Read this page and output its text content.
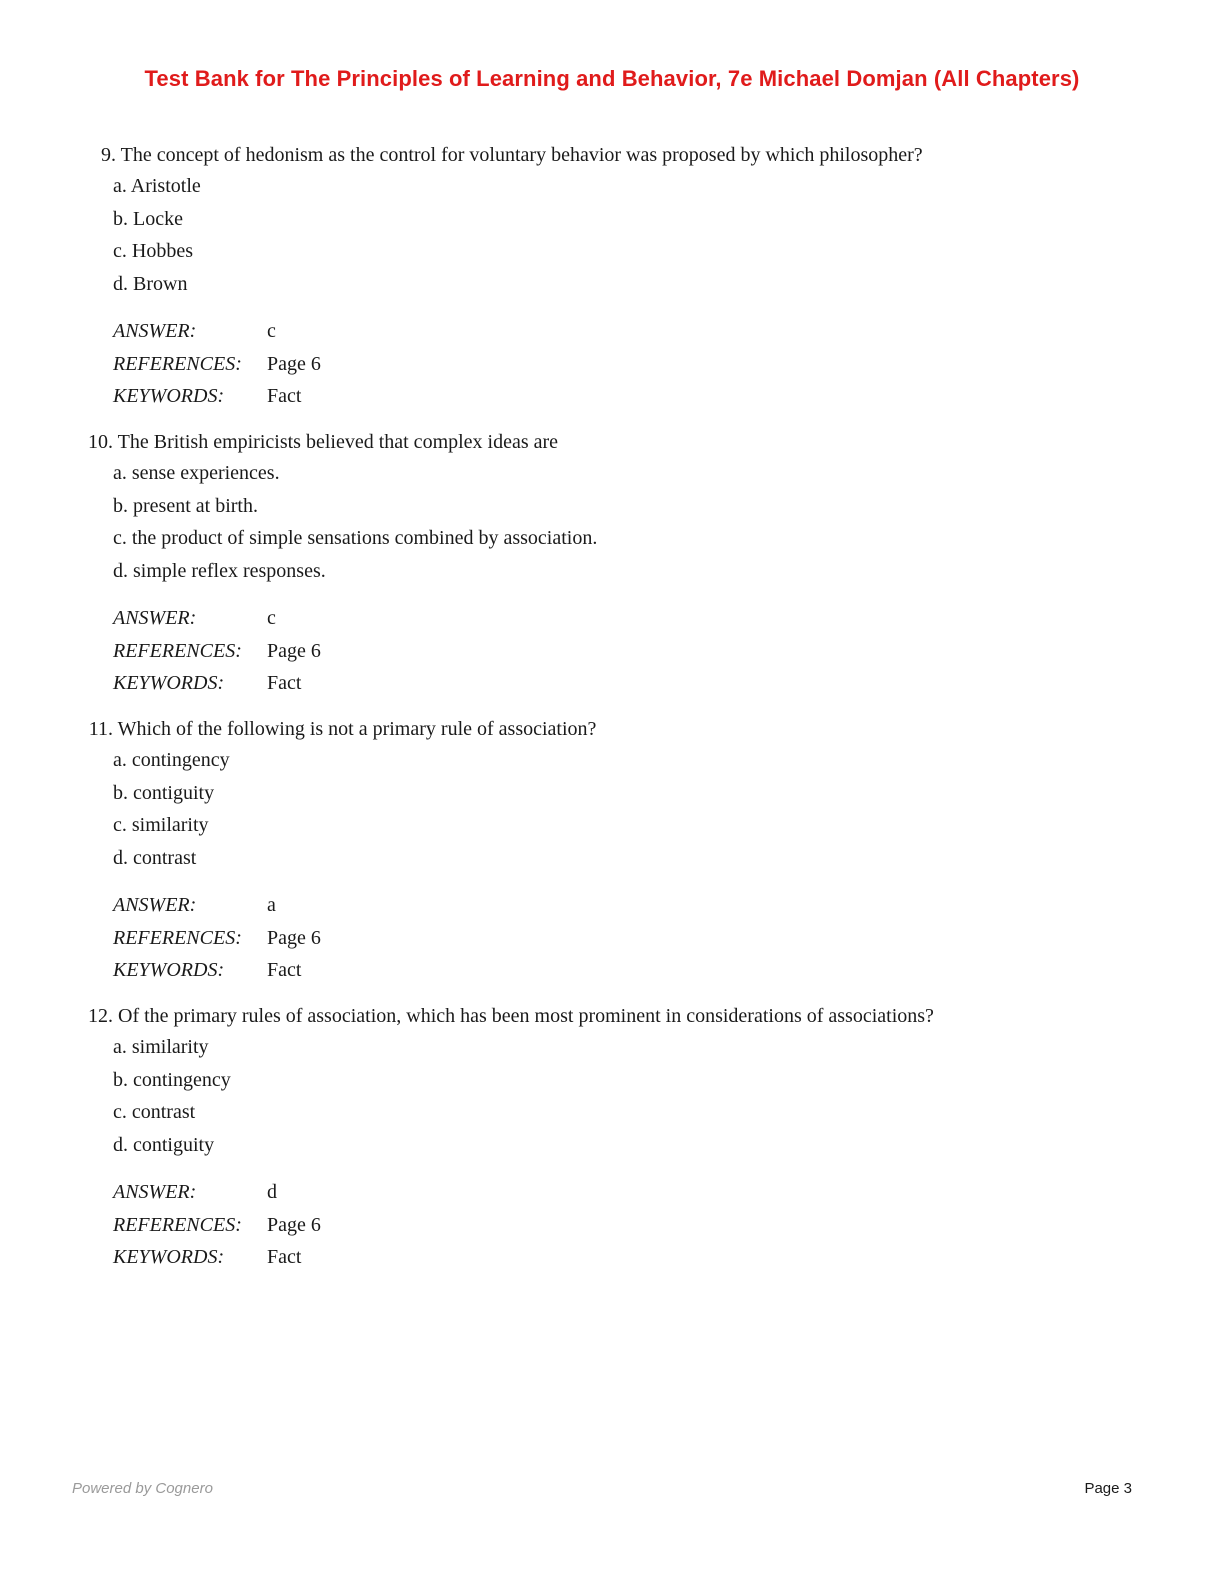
Test Bank for The Principles of Learning and Behavior, 7e Michael Domjan (All Chapters)
9. The concept of hedonism as the control for voluntary behavior was proposed by which philosopher?
a. Aristotle
b. Locke
c. Hobbes
d. Brown
ANSWER:	c
REFERENCES: Page 6
KEYWORDS: Fact
10. The British empiricists believed that complex ideas are
a. sense experiences.
b. present at birth.
c. the product of simple sensations combined by association.
d. simple reflex responses.
ANSWER:	c
REFERENCES: Page 6
KEYWORDS: Fact
11. Which of the following is not a primary rule of association?
a. contingency
b. contiguity
c. similarity
d. contrast
ANSWER:	a
REFERENCES: Page 6
KEYWORDS: Fact
12. Of the primary rules of association, which has been most prominent in considerations of associations?
a. similarity
b. contingency
c. contrast
d. contiguity
ANSWER:	d
REFERENCES: Page 6
KEYWORDS: Fact
Powered by Cognero	Page 3
